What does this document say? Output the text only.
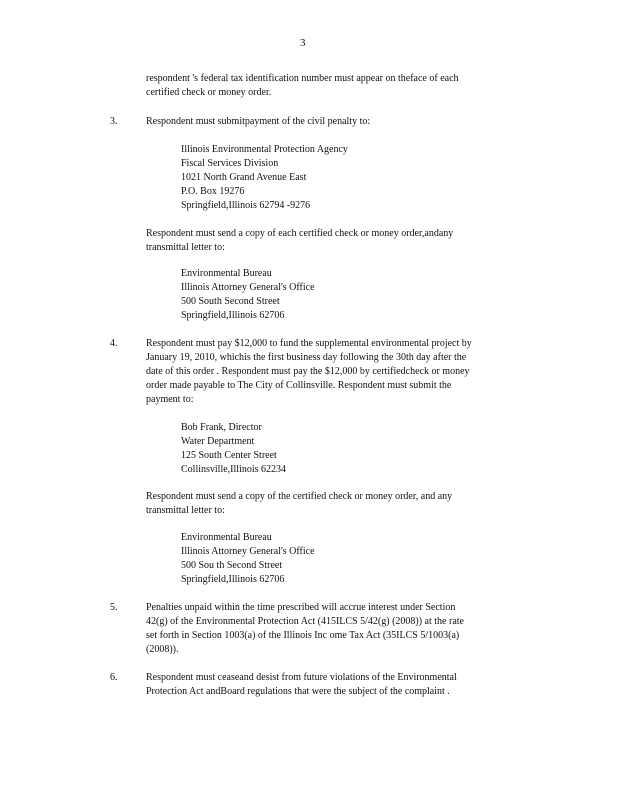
3
respondent 's federal tax identification number must appear on theface of each
certified check or money order.
3.	Respondent must submitpayment of the civil penalty to:
Illinois Environmental Protection Agency
Fiscal Services Division
1021 North Grand Avenue East
P.O. Box 19276
Springfield,Illinois 62794 -9276
Respondent must send a copy of each certified check or money order,andany
transmittal letter to:
Environmental Bureau
Illinois Attorney General's Office
500 South Second Street
Springfield,Illinois 62706
4.	Respondent must pay $12,000 to fund the supplemental environmental project by
January 19, 2010, whichis the first business day following the 30th day after the
date of this order . Respondent must pay the $12,000 by certifiedcheck or money
order made payable to The City of Collinsville. Respondent must submit the
payment to:
Bob Frank, Director
Water Department
125 South Center Street
Collinsville,Illinois 62234
Respondent must send a copy of the certified check or money order, and any
transmittal letter to:
Environmental Bureau
Illinois Attorney General's Office
500 Sou th Second Street
Springfield,Illinois 62706
5.	Penalties unpaid within the time prescribed will accrue interest under Section
42(g) of the Environmental Protection Act (415ILCS 5/42(g) (2008)) at the rate
set forth in Section 1003(a) of the Illinois Inc ome Tax Act (35ILCS 5/1003(a)
(2008)).
6.	Respondent must ceaseand desist from future violations of the Environmental
Protection Act andBoard regulations that were the subject of the complaint .
